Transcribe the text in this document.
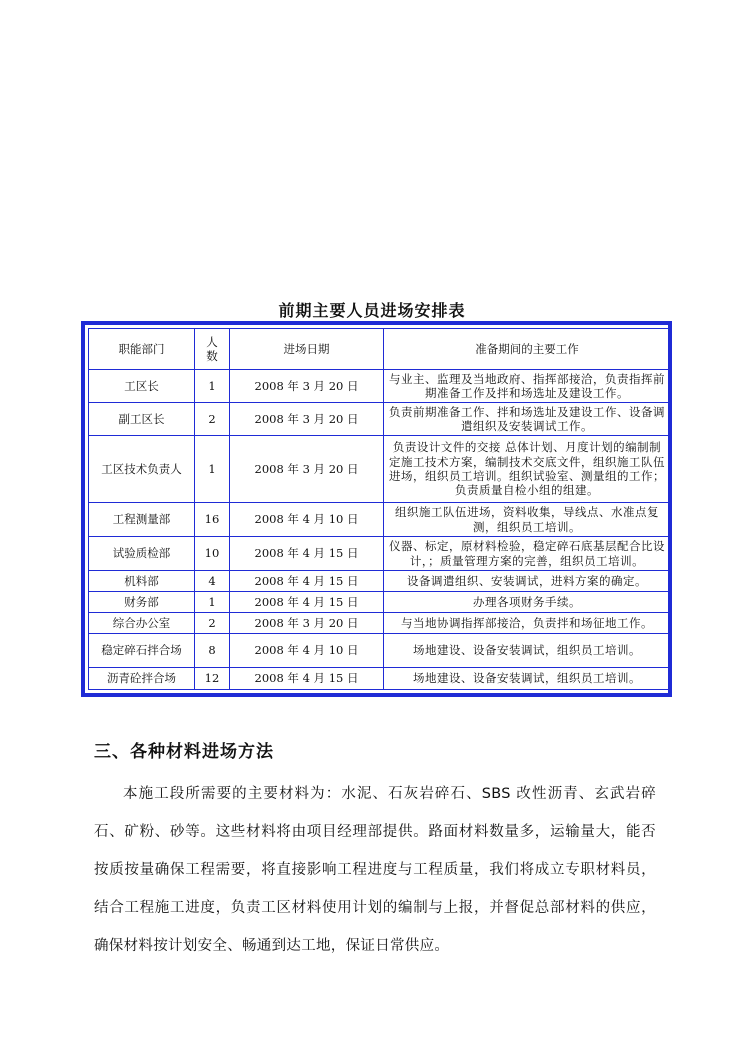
前期主要人员进场安排表
职能部门	人数	进场日期	准备期间的主要工作
工区长	1	2008 年 3 月 20 日	与业主、监理及当地政府、指挥部接洽，负责指挥前期准备工作及拌和场选址及建设工作。
副工区长	2	2008 年 3 月 20 日	负责前期准备工作、拌和场选址及建设工作、设备调遣组织及安装调试工作。
工区技术负责人	1	2008 年 3 月 20 日	负责设计文件的交接 总体计划、月度计划的编制制定施工技术方案，编制技术交底文件，组织施工队伍进场，组织员工培训。组织试验室、测量组的工作；负责质量自检小组的组建。
工程测量部	16	2008 年 4 月 10 日	组织施工队伍进场，资料收集，导线点、水准点复测，组织员工培训。
试验质检部	10	2008 年 4 月 15 日	仪器、标定，原材料检验，稳定碎石底基层配合比设计，；质量管理方案的完善，组织员工培训。
机料部	4	2008 年 4 月 15 日	设备调遣组织、安装调试，进料方案的确定。
财务部	1	2008 年 4 月 15 日	办理各项财务手续。
综合办公室	2	2008 年 3 月 20 日	与当地协调指挥部接洽，负责拌和场征地工作。
稳定碎石拌合场	8	2008 年 4 月 10 日	场地建设、设备安装调试，组织员工培训。
沥青砼拌合场	12	2008 年 4 月 15 日	场地建设、设备安装调试，组织员工培训。
三、各种材料进场方法
本施工段所需要的主要材料为：水泥、石灰岩碎石、SBS 改性沥青、玄武岩碎石、矿粉、砂等。这些材料将由项目经理部提供。路面材料数量多，运输量大，能否按质按量确保工程需要，将直接影响工程进度与工程质量，我们将成立专职材料员，结合工程施工进度，负责工区材料使用计划的编制与上报，并督促总部材料的供应，确保材料按计划安全、畅通到达工地，保证日常供应。
